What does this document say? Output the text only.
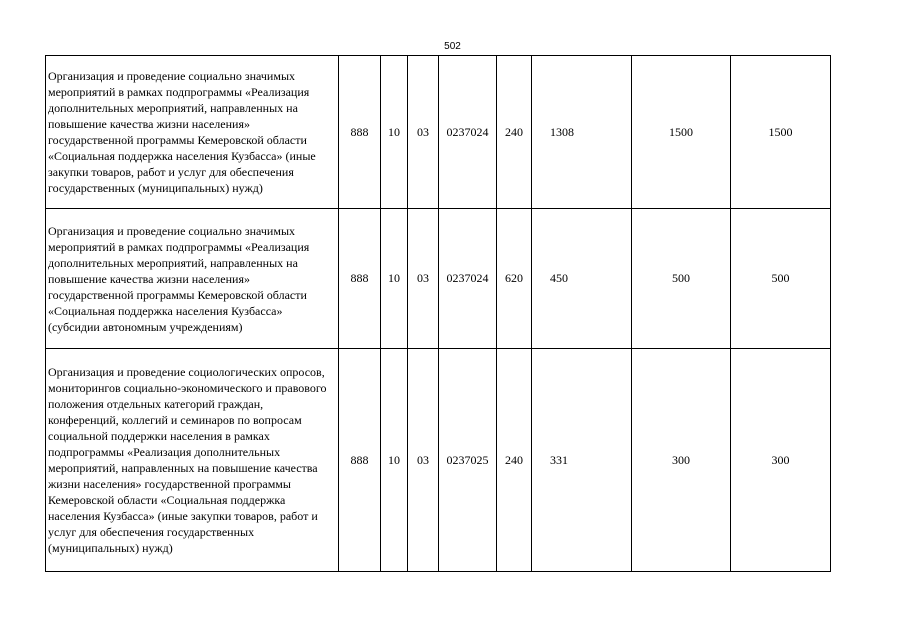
502
Организация и проведение социально значимых мероприятий в рамках подпрограммы «Реализация дополнительных мероприятий, направленных на повышение качества жизни населения» государственной программы Кемеровской области «Социальная поддержка населения Кузбасса» (иные закупки товаров, работ и услуг для обеспечения государственных (муниципальных) нужд)	888	10	03	0237024	240	1308	1500	1500
Организация и проведение социально значимых мероприятий в рамках подпрограммы «Реализация дополнительных мероприятий, направленных на повышение качества жизни населения» государственной программы Кемеровской области «Социальная поддержка населения Кузбасса» (субсидии автономным учреждениям)	888	10	03	0237024	620	450	500	500
Организация и проведение социологических опросов, мониторингов социально-экономического и правового положения отдельных категорий граждан, конференций, коллегий и семинаров по вопросам социальной поддержки населения в рамках подпрограммы «Реализация дополнительных мероприятий, направленных на повышение качества жизни населения» государственной программы Кемеровской области «Социальная поддержка населения Кузбасса» (иные закупки товаров, работ и услуг для обеспечения государственных (муниципальных) нужд)	888	10	03	0237025	240	331	300	300
